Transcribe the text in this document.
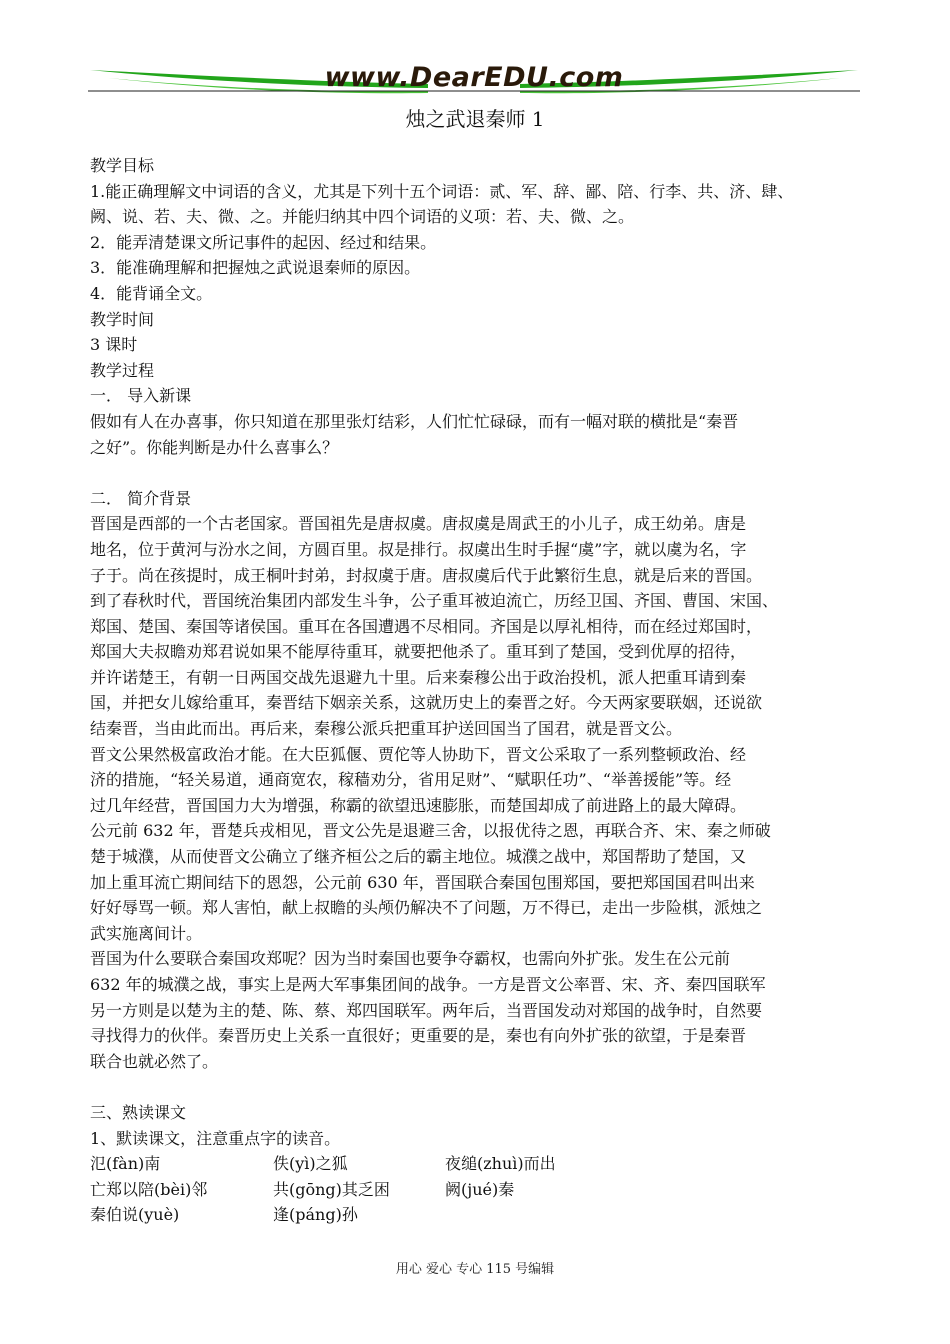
www.DearEDU.com
烛之武退秦师 1

教学目标

1.能正确理解文中词语的含义，尤其是下列十五个词语：贰、军、辞、鄙、陪、行李、共、济、肆、

阙、说、若、夫、微、之。并能归纳其中四个词语的义项：若、夫、微、之。

2．能弄清楚课文所记事件的起因、经过和结果。

3．能准确理解和把握烛之武说退秦师的原因。

4．能背诵全文。

教学时间

3 课时

教学过程

一． 导入新课

假如有人在办喜事，你只知道在那里张灯结彩，人们忙忙碌碌，而有一幅对联的横批是“秦晋

之好”。你能判断是办什么喜事么？

二． 简介背景

晋国是西部的一个古老国家。晋国祖先是唐叔虞。唐叔虞是周武王的小儿子，成王幼弟。唐是

地名，位于黄河与汾水之间，方圆百里。叔是排行。叔虞出生时手握“虞”字，就以虞为名，字

子于。尚在孩提时，成王桐叶封弟，封叔虞于唐。唐叔虞后代于此繁衍生息，就是后来的晋国。

到了春秋时代，晋国统治集团内部发生斗争，公子重耳被迫流亡，历经卫国、齐国、曹国、宋国、

郑国、楚国、秦国等诸侯国。重耳在各国遭遇不尽相同。齐国是以厚礼相待，而在经过郑国时，

郑国大夫叔瞻劝郑君说如果不能厚待重耳，就要把他杀了。重耳到了楚国，受到优厚的招待，

并许诺楚王，有朝一日两国交战先退避九十里。后来秦穆公出于政治投机，派人把重耳请到秦

国，并把女儿嫁给重耳，秦晋结下姻亲关系，这就历史上的秦晋之好。今天两家要联姻，还说欲

结秦晋，当由此而出。再后来，秦穆公派兵把重耳护送回国当了国君，就是晋文公。

晋文公果然极富政治才能。在大臣狐偃、贾佗等人协助下，晋文公采取了一系列整顿政治、经

济的措施，“轻关易道，通商宽农，稼穑劝分，省用足财”、“赋职任功”、“举善援能”等。经

过几年经营，晋国国力大为增强，称霸的欲望迅速膨胀，而楚国却成了前进路上的最大障碍。

公元前 632 年，晋楚兵戎相见，晋文公先是退避三舍，以报优待之恩，再联合齐、宋、秦之师破

楚于城濮，从而使晋文公确立了继齐桓公之后的霸主地位。城濮之战中，郑国帮助了楚国，又

加上重耳流亡期间结下的恩怨，公元前 630 年，晋国联合秦国包围郑国，要把郑国国君叫出来

好好辱骂一顿。郑人害怕，献上叔瞻的头颅仍解决不了问题，万不得已，走出一步险棋，派烛之

武实施离间计。

晋国为什么要联合秦国攻郑呢？因为当时秦国也要争夺霸权，也需向外扩张。发生在公元前

632 年的城濮之战，事实上是两大军事集团间的战争。一方是晋文公率晋、宋、齐、秦四国联军

另一方则是以楚为主的楚、陈、蔡、郑四国联军。两年后，当晋国发动对郑国的战争时，自然要

寻找得力的伙伴。秦晋历史上关系一直很好；更重要的是，秦也有向外扩张的欲望，于是秦晋

联合也就必然了。

三、熟读课文

1、默读课文，注意重点字的读音。

氾(fàn)南	佚(yì)之狐	夜缒(zhuì)而出
亡郑以陪(bèi)邻	共(gōng)其乏困	阙(jué)秦
秦伯说(yuè)	逢(páng)孙
用心 爱心 专心 115 号编辑
